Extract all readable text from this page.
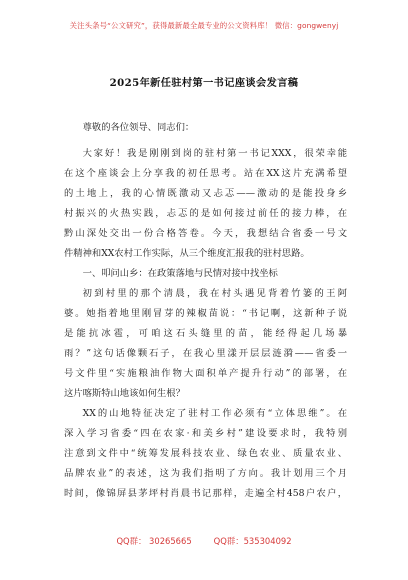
关注头条号“公文研究”，获得最新最全最专业的公文资料库！ 微信：gongwenyj
2025年新任驻村第一书记座谈会发言稿
尊敬的各位领导、同志们：
大家好！我是刚刚到岗的驻村第一书记XXX，很荣幸能
在这个座谈会上分享我的初任思考。站在XX这片充满希望
的土地上，我的心情既激动又忐忑——激动的是能投身乡
村振兴的火热实践，忐忑的是如何接过前任的接力棒，在
黔山深处交出一份合格答卷。今天，我想结合省委一号文
件精神和XX农村工作实际，从三个维度汇报我的驻村思路。
一、叩问山乡：在政策落地与民情对接中找坐标
初到村里的那个清晨，我在村头遇见背着竹篓的王阿
婆。她指着地里刚冒芽的辣椒苗说：“书记啊，这新种子说
是能抗冰雹，可咱这石头缝里的苗，能经得起几场暴
雨？”这句话像颗石子，在我心里漾开层层涟漪——省委一
号文件里“实施粮油作物大面积单产提升行动”的部署，在
这片喀斯特山地该如何生根？
XX的山地特征决定了驻村工作必须有“立体思维”。在
深入学习省委“四在农家·和美乡村”建设要求时，我特别
注意到文件中“统筹发展科技农业、绿色农业、质量农业、
品牌农业”的表述，这为我们指明了方向。我计划用三个月
时间，像锦屏县茅坪村肖晨书记那样，走遍全村458户农户，
QQ群： 30265665	QQ群：535304092
